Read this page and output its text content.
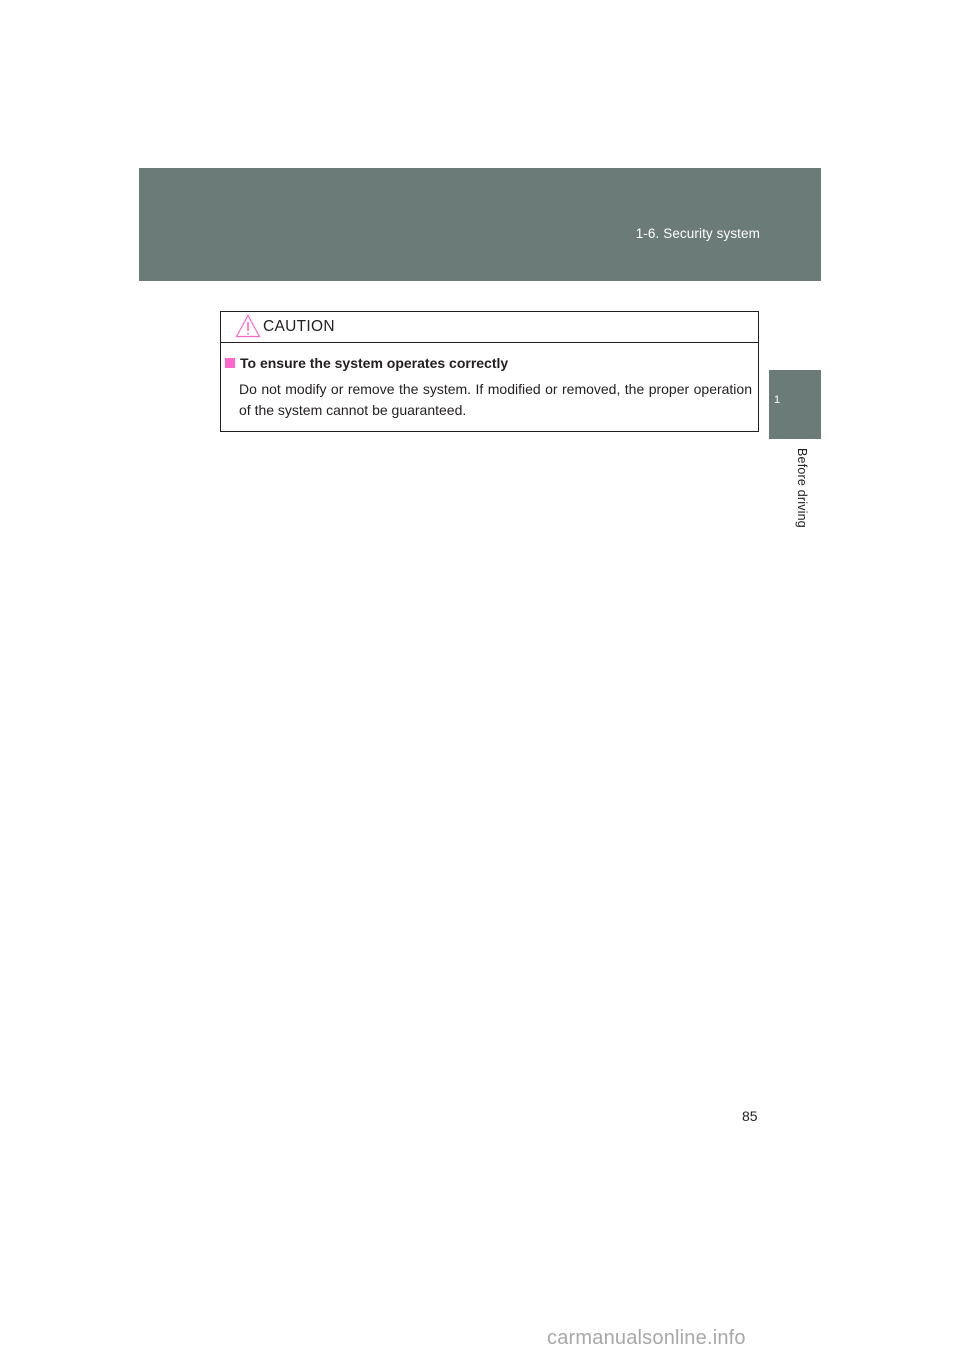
1-6. Security system
1
Before driving
CAUTION
To ensure the system operates correctly

Do not modify or remove the system. If modified or removed, the proper operation of the system cannot be guaranteed.

85
carmanualsonline.info
